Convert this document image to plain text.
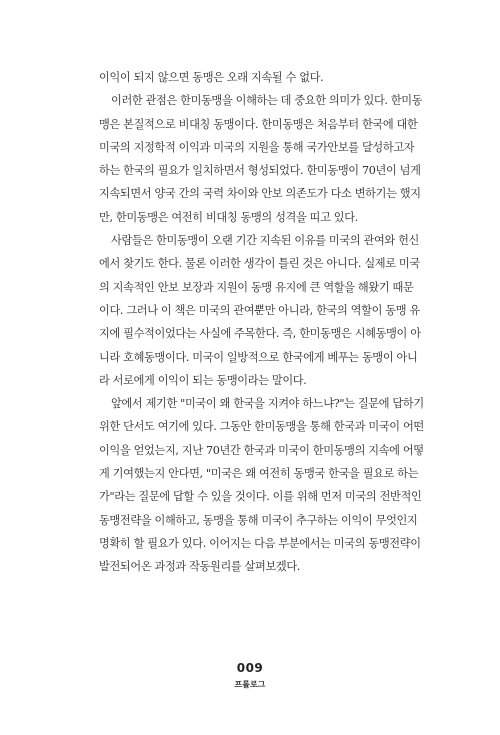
이익이 되지 않으면 동맹은 오래 지속될 수 없다.
이러한 관점은 한미동맹을 이해하는 데 중요한 의미가 있다. 한미동
맹은 본질적으로 비대칭 동맹이다. 한미동맹은 처음부터 한국에 대한
미국의 지정학적 이익과 미국의 지원을 통해 국가안보를 달성하고자
하는 한국의 필요가 일치하면서 형성되었다. 한미동맹이 70년이 넘게
지속되면서 양국 간의 국력 차이와 안보 의존도가 다소 변하기는 했지
만, 한미동맹은 여전히 비대칭 동맹의 성격을 띠고 있다.
사람들은 한미동맹이 오랜 기간 지속된 이유를 미국의 관여와 헌신
에서 찾기도 한다. 물론 이러한 생각이 틀린 것은 아니다. 실제로 미국
의 지속적인 안보 보장과 지원이 동맹 유지에 큰 역할을 해왔기 때문
이다. 그러나 이 책은 미국의 관여뿐만 아니라, 한국의 역할이 동맹 유
지에 필수적이었다는 사실에 주목한다. 즉, 한미동맹은 시혜동맹이 아
니라 호혜동맹이다. 미국이 일방적으로 한국에게 베푸는 동맹이 아니
라 서로에게 이익이 되는 동맹이라는 말이다.
앞에서 제기한 "미국이 왜 한국을 지켜야 하느냐?"는 질문에 답하기
위한 단서도 여기에 있다. 그동안 한미동맹을 통해 한국과 미국이 어떤
이익을 얻었는지, 지난 70년간 한국과 미국이 한미동맹의 지속에 어떻
게 기여했는지 안다면, "미국은 왜 여전히 동맹국 한국을 필요로 하는
가"라는 질문에 답할 수 있을 것이다. 이를 위해 먼저 미국의 전반적인
동맹전략을 이해하고, 동맹을 통해 미국이 추구하는 이익이 무엇인지
명확히 할 필요가 있다. 이어지는 다음 부분에서는 미국의 동맹전략이
발전되어온 과정과 작동원리를 살펴보겠다.
009
프롤로그
